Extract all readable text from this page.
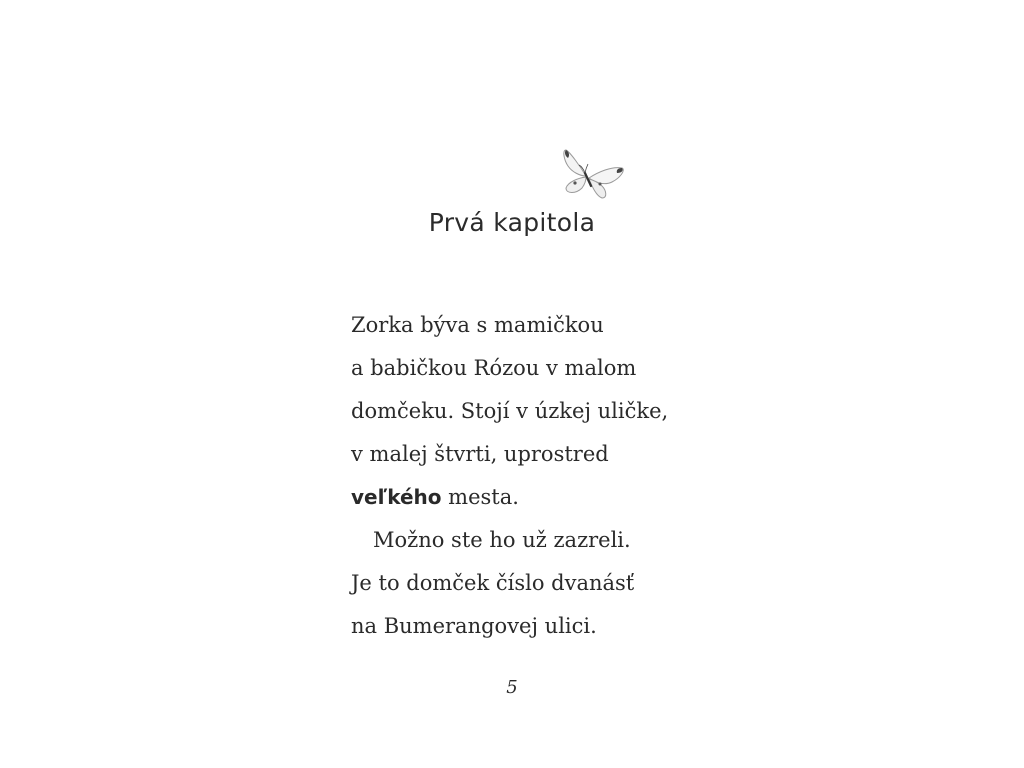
Prvá kapitola
Zorka býva s mamičkou
a babičkou Rózou v malom
domčeku. Stojí v úzkej uličke,
v malej štvrti, uprostred
veľkého mesta.
Možno ste ho už zazreli.
Je to domček číslo dvanásť
na Bumerangovej ulici.
5
